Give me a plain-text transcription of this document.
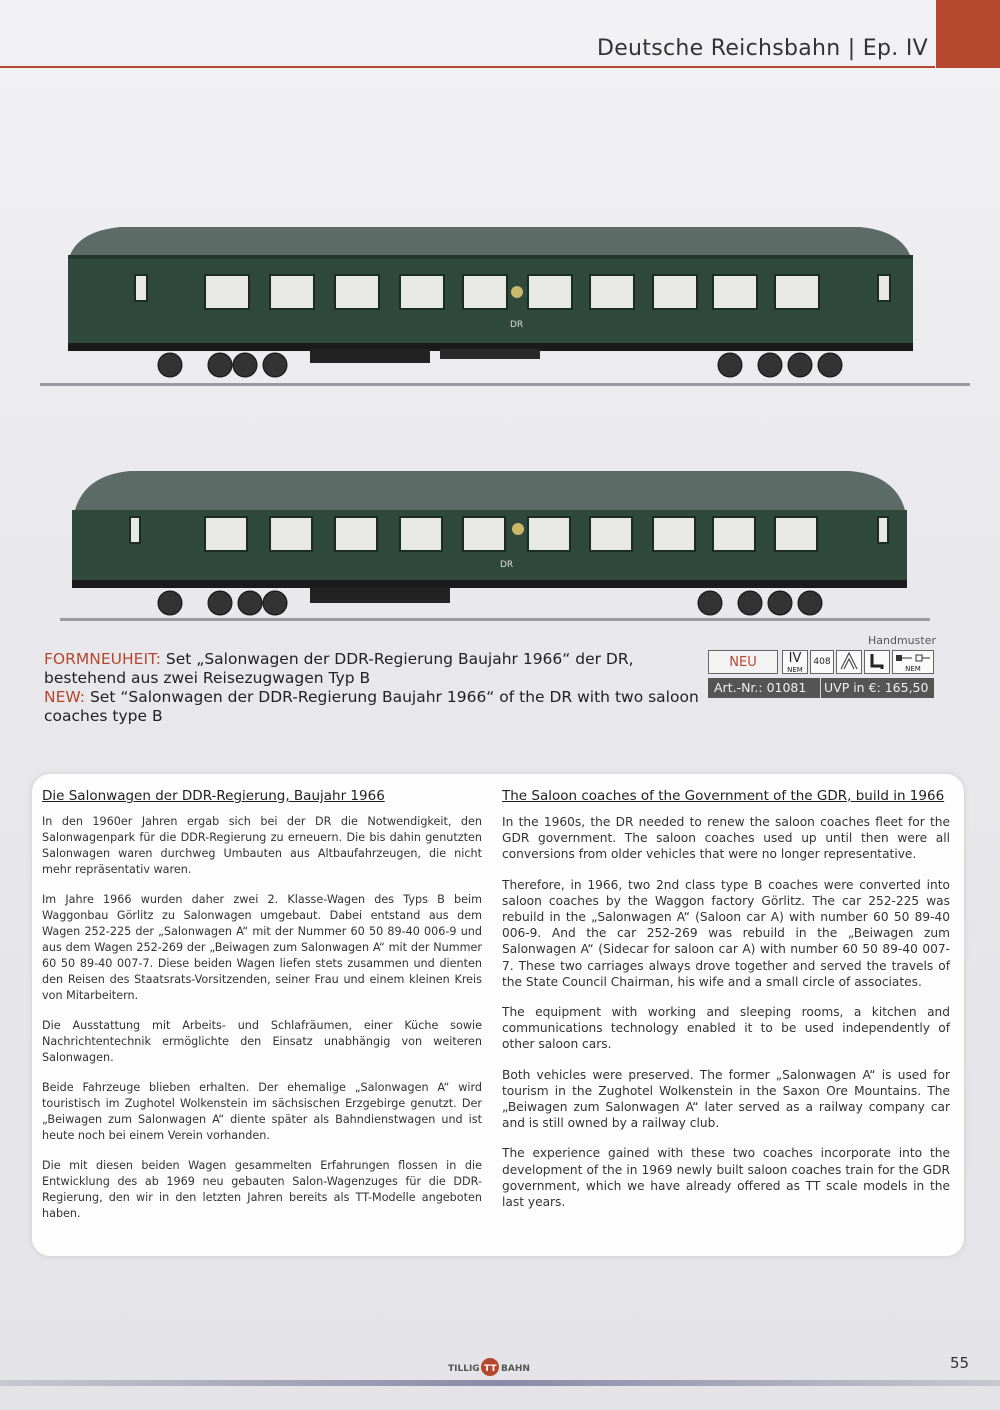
Deutsche Reichsbahn | Ep. IV
DR
DR
Handmuster
FORMNEUHEIT: Set „Salonwagen der DDR-Regierung Baujahr 1966“ der DR,
bestehend aus zwei Reisezugwagen Typ B
NEW: Set “Salonwagen der DDR-Regierung Baujahr 1966“ of the DR with two saloon
coaches type B
NEU	IV
NEM
408
NEM
Art.-Nr.: 01081 UVP in €: 165,50
Die Salonwagen der DDR-Regierung, Baujahr 1966

In den 1960er Jahren ergab sich bei der DR die Notwendigkeit, den Salonwagenpark für die DDR-Regierung zu erneuern. Die bis dahin genutzten Salonwagen waren durchweg Umbauten aus Altbaufahrzeugen, die nicht mehr repräsentativ waren.

Im Jahre 1966 wurden daher zwei 2. Klasse-Wagen des Typs B beim Waggonbau Görlitz zu Salonwagen umgebaut. Dabei entstand aus dem Wagen 252-225 der „Salonwagen A“ mit der Nummer 60 50 89-40 006-9 und aus dem Wagen 252-269 der „Beiwagen zum Salonwagen A“ mit der Nummer 60 50 89-40 007-7. Diese beiden Wagen liefen stets zusammen und dienten den Reisen des Staatsrats-Vorsitzenden, seiner Frau und einem kleinen Kreis von Mitarbeitern.

Die Ausstattung mit Arbeits- und Schlafräumen, einer Küche sowie Nachrichtentechnik ermöglichte den Einsatz unabhängig von weiteren Salonwagen.

Beide Fahrzeuge blieben erhalten. Der ehemalige „Salonwagen A“ wird touristisch im Zughotel Wolkenstein im sächsischen Erzgebirge genutzt. Der „Beiwagen zum Salonwagen A“ diente später als Bahndienstwagen und ist heute noch bei einem Verein vorhanden.

Die mit diesen beiden Wagen gesammelten Erfahrungen flossen in die Entwicklung des ab 1969 neu gebauten Salon-Wagenzuges für die DDR-Regierung, den wir in den letzten Jahren bereits als TT-Modelle angeboten haben.

The Saloon coaches of the Government of the GDR, build in 1966

In the 1960s, the DR needed to renew the saloon coaches fleet for the GDR government. The saloon coaches used up until then were all conversions from older vehicles that were no longer representative.

Therefore, in 1966, two 2nd class type B coaches were converted into saloon coaches by the Waggon factory Görlitz. The car 252-225 was rebuild in the „Salonwagen A“ (Saloon car A) with number 60 50 89-40 006-9. And the car 252-269 was rebuild in the „Beiwagen zum Salonwagen A“ (Sidecar for saloon car A) with number 60 50 89-40 007-7. These two carriages always drove together and served the travels of the State Council Chairman, his wife and a small circle of associates.

The equipment with working and sleeping rooms, a kitchen and communications technology enabled it to be used independently of other saloon cars.

Both vehicles were preserved. The former „Salonwagen A“ is used for tourism in the Zughotel Wolkenstein in the Saxon Ore Mountains. The „Beiwagen zum Salonwagen A“ later served as a railway company car and is still owned by a railway club.

The experience gained with these two coaches incorporate into the development of the in 1969 newly built saloon coaches train for the GDR government, which we have already offered as TT scale models in the last years.

TILLIG TT BAHN	55
